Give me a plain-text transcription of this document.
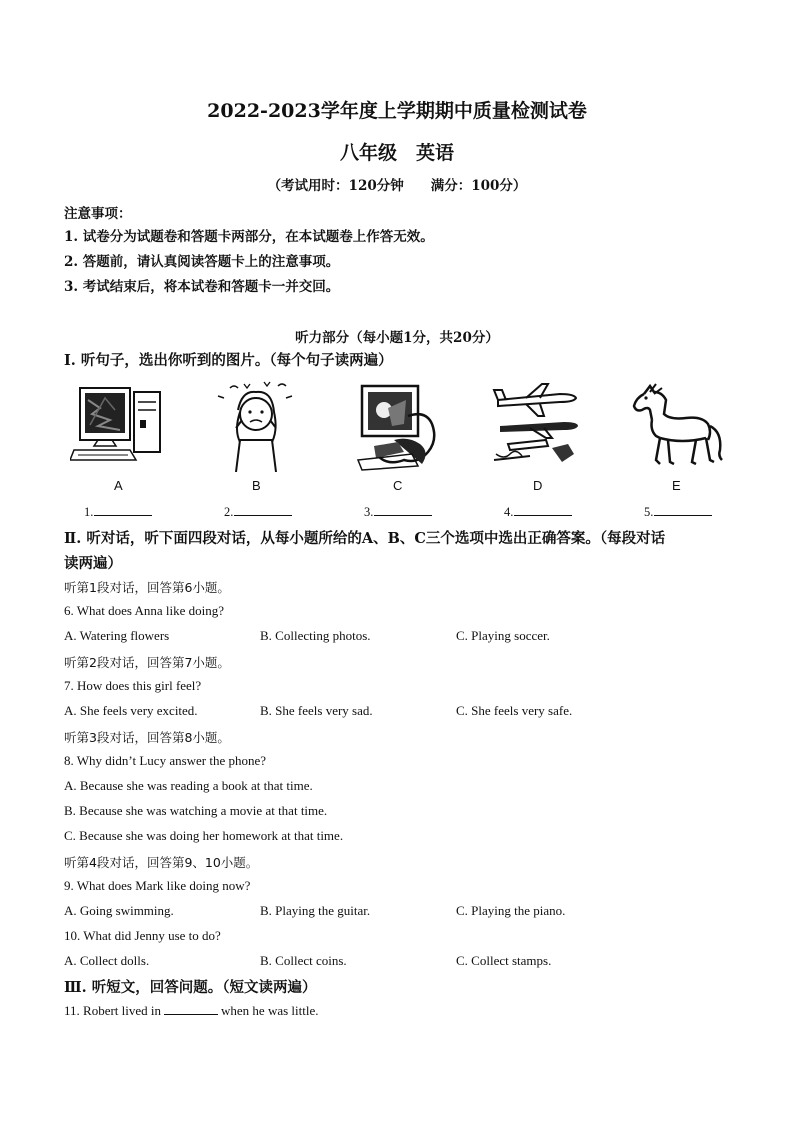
2022-2023学年度上学期期中质量检测试卷
八年级　英语
（考试用时：120分钟　　满分：100分）
注意事项：
1. 试卷分为试题卷和答题卡两部分，在本试题卷上作答无效。
2. 答题前，请认真阅读答题卡上的注意事项。
3. 考试结束后，将本试卷和答题卡一并交回。
听力部分（每小题1分，共20分）
Ⅰ. 听句子，选出你听到的图片。（每个句子读两遍）
A	B	C	D	E
1.	2.	3.	4.	5.
Ⅱ. 听对话，听下面四段对话，从每小题所给的A、B、C三个选项中选出正确答案。（每段对话
读两遍）
听第1段对话，回答第6小题。
6. What does Anna like doing?
A. Watering flowers	B. Collecting photos.	C. Playing soccer.
听第2段对话，回答第7小题。
7. How does this girl feel?
A. She feels very excited.	B. She feels very sad.	C. She feels very safe.
听第3段对话，回答第8小题。
8. Why didn’t Lucy answer the phone?
A. Because she was reading a book at that time.
B. Because she was watching a movie at that time.
C. Because she was doing her homework at that time.
听第4段对话，回答第9、10小题。
9. What does Mark like doing now?
A. Going swimming.	B. Playing the guitar.	C. Playing the piano.
10. What did Jenny use to do?
A. Collect dolls.	B. Collect coins.	C. Collect stamps.
Ⅲ. 听短文，回答问题。（短文读两遍）
11. Robert lived in	when he was little.
